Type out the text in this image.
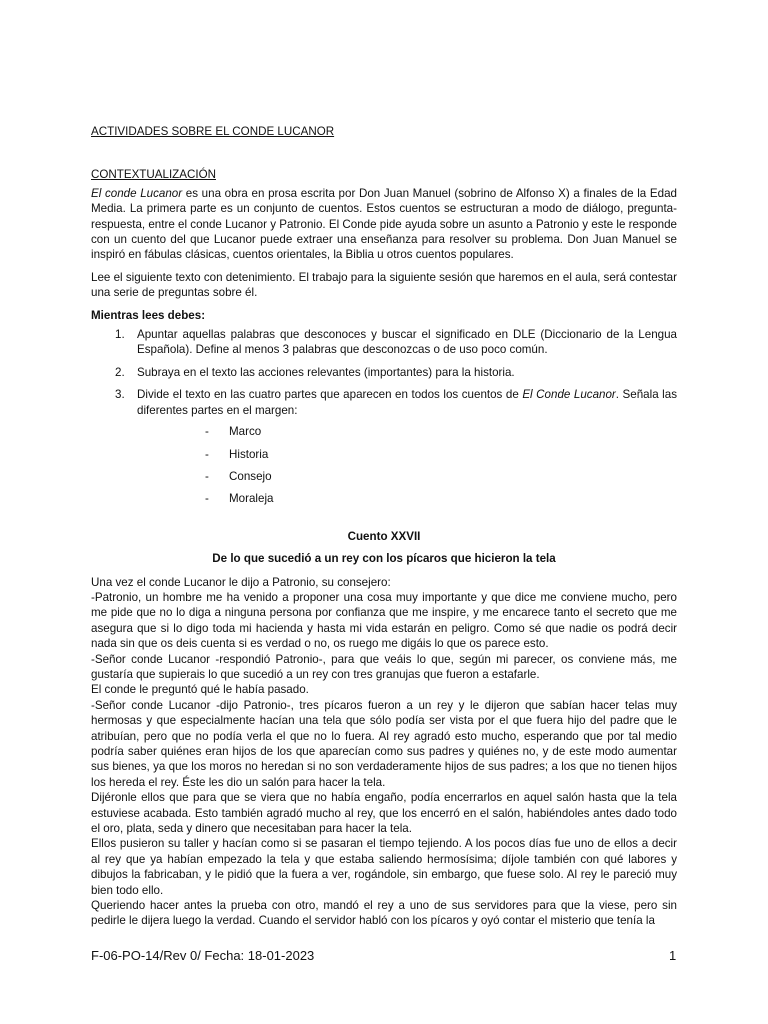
ACTIVIDADES SOBRE EL CONDE LUCANOR

CONTEXTUALIZACIÓN

El conde Lucanor es una obra en prosa escrita por Don Juan Manuel (sobrino de Alfonso X) a finales de la Edad Media. La primera parte es un conjunto de cuentos. Estos cuentos se estructuran a modo de diálogo, pregunta-respuesta, entre el conde Lucanor y Patronio. El Conde pide ayuda sobre un asunto a Patronio y este le responde con un cuento del que Lucanor puede extraer una enseñanza para resolver su problema. Don Juan Manuel se inspiró en fábulas clásicas, cuentos orientales, la Biblia u otros cuentos populares.

Lee el siguiente texto con detenimiento. El trabajo para la siguiente sesión que haremos en el aula, será contestar una serie de preguntas sobre él.

Mientras lees debes:

1. Apuntar aquellas palabras que desconoces y buscar el significado en DLE (Diccionario de la Lengua Española). Define al menos 3 palabras que desconozcas o de uso poco común.
2. Subraya en el texto las acciones relevantes (importantes) para la historia.
3. Divide el texto en las cuatro partes que aparecen en todos los cuentos de El Conde Lucanor. Señala las diferentes partes en el margen:
- Marco
- Historia
- Consejo
- Moraleja

Cuento XXVII

De lo que sucedió a un rey con los pícaros que hicieron la tela

Una vez el conde Lucanor le dijo a Patronio, su consejero:

-Patronio, un hombre me ha venido a proponer una cosa muy importante y que dice me conviene mucho, pero me pide que no lo diga a ninguna persona por confianza que me inspire, y me encarece tanto el secreto que me asegura que si lo digo toda mi hacienda y hasta mi vida estarán en peligro. Como sé que nadie os podrá decir nada sin que os deis cuenta si es verdad o no, os ruego me digáis lo que os parece esto.

-Señor conde Lucanor -respondió Patronio-, para que veáis lo que, según mi parecer, os conviene más, me gustaría que supierais lo que sucedió a un rey con tres granujas que fueron a estafarle.

El conde le preguntó qué le había pasado.

-Señor conde Lucanor -dijo Patronio-, tres pícaros fueron a un rey y le dijeron que sabían hacer telas muy hermosas y que especialmente hacían una tela que sólo podía ser vista por el que fuera hijo del padre que le atribuían, pero que no podía verla el que no lo fuera. Al rey agradó esto mucho, esperando que por tal medio podría saber quiénes eran hijos de los que aparecían como sus padres y quiénes no, y de este modo aumentar sus bienes, ya que los moros no heredan si no son verdaderamente hijos de sus padres; a los que no tienen hijos los hereda el rey. Éste les dio un salón para hacer la tela.

Dijéronle ellos que para que se viera que no había engaño, podía encerrarlos en aquel salón hasta que la tela estuviese acabada. Esto también agradó mucho al rey, que los encerró en el salón, habiéndoles antes dado todo el oro, plata, seda y dinero que necesitaban para hacer la tela.

Ellos pusieron su taller y hacían como si se pasaran el tiempo tejiendo. A los pocos días fue uno de ellos a decir al rey que ya habían empezado la tela y que estaba saliendo hermosísima; díjole también con qué labores y dibujos la fabricaban, y le pidió que la fuera a ver, rogándole, sin embargo, que fuese solo. Al rey le pareció muy bien todo ello.

Queriendo hacer antes la prueba con otro, mandó el rey a uno de sus servidores para que la viese, pero sin pedirle le dijera luego la verdad. Cuando el servidor habló con los pícaros y oyó contar el misterio que tenía la

F-06-PO-14/Rev 0/ Fecha: 18-01-2023	1
